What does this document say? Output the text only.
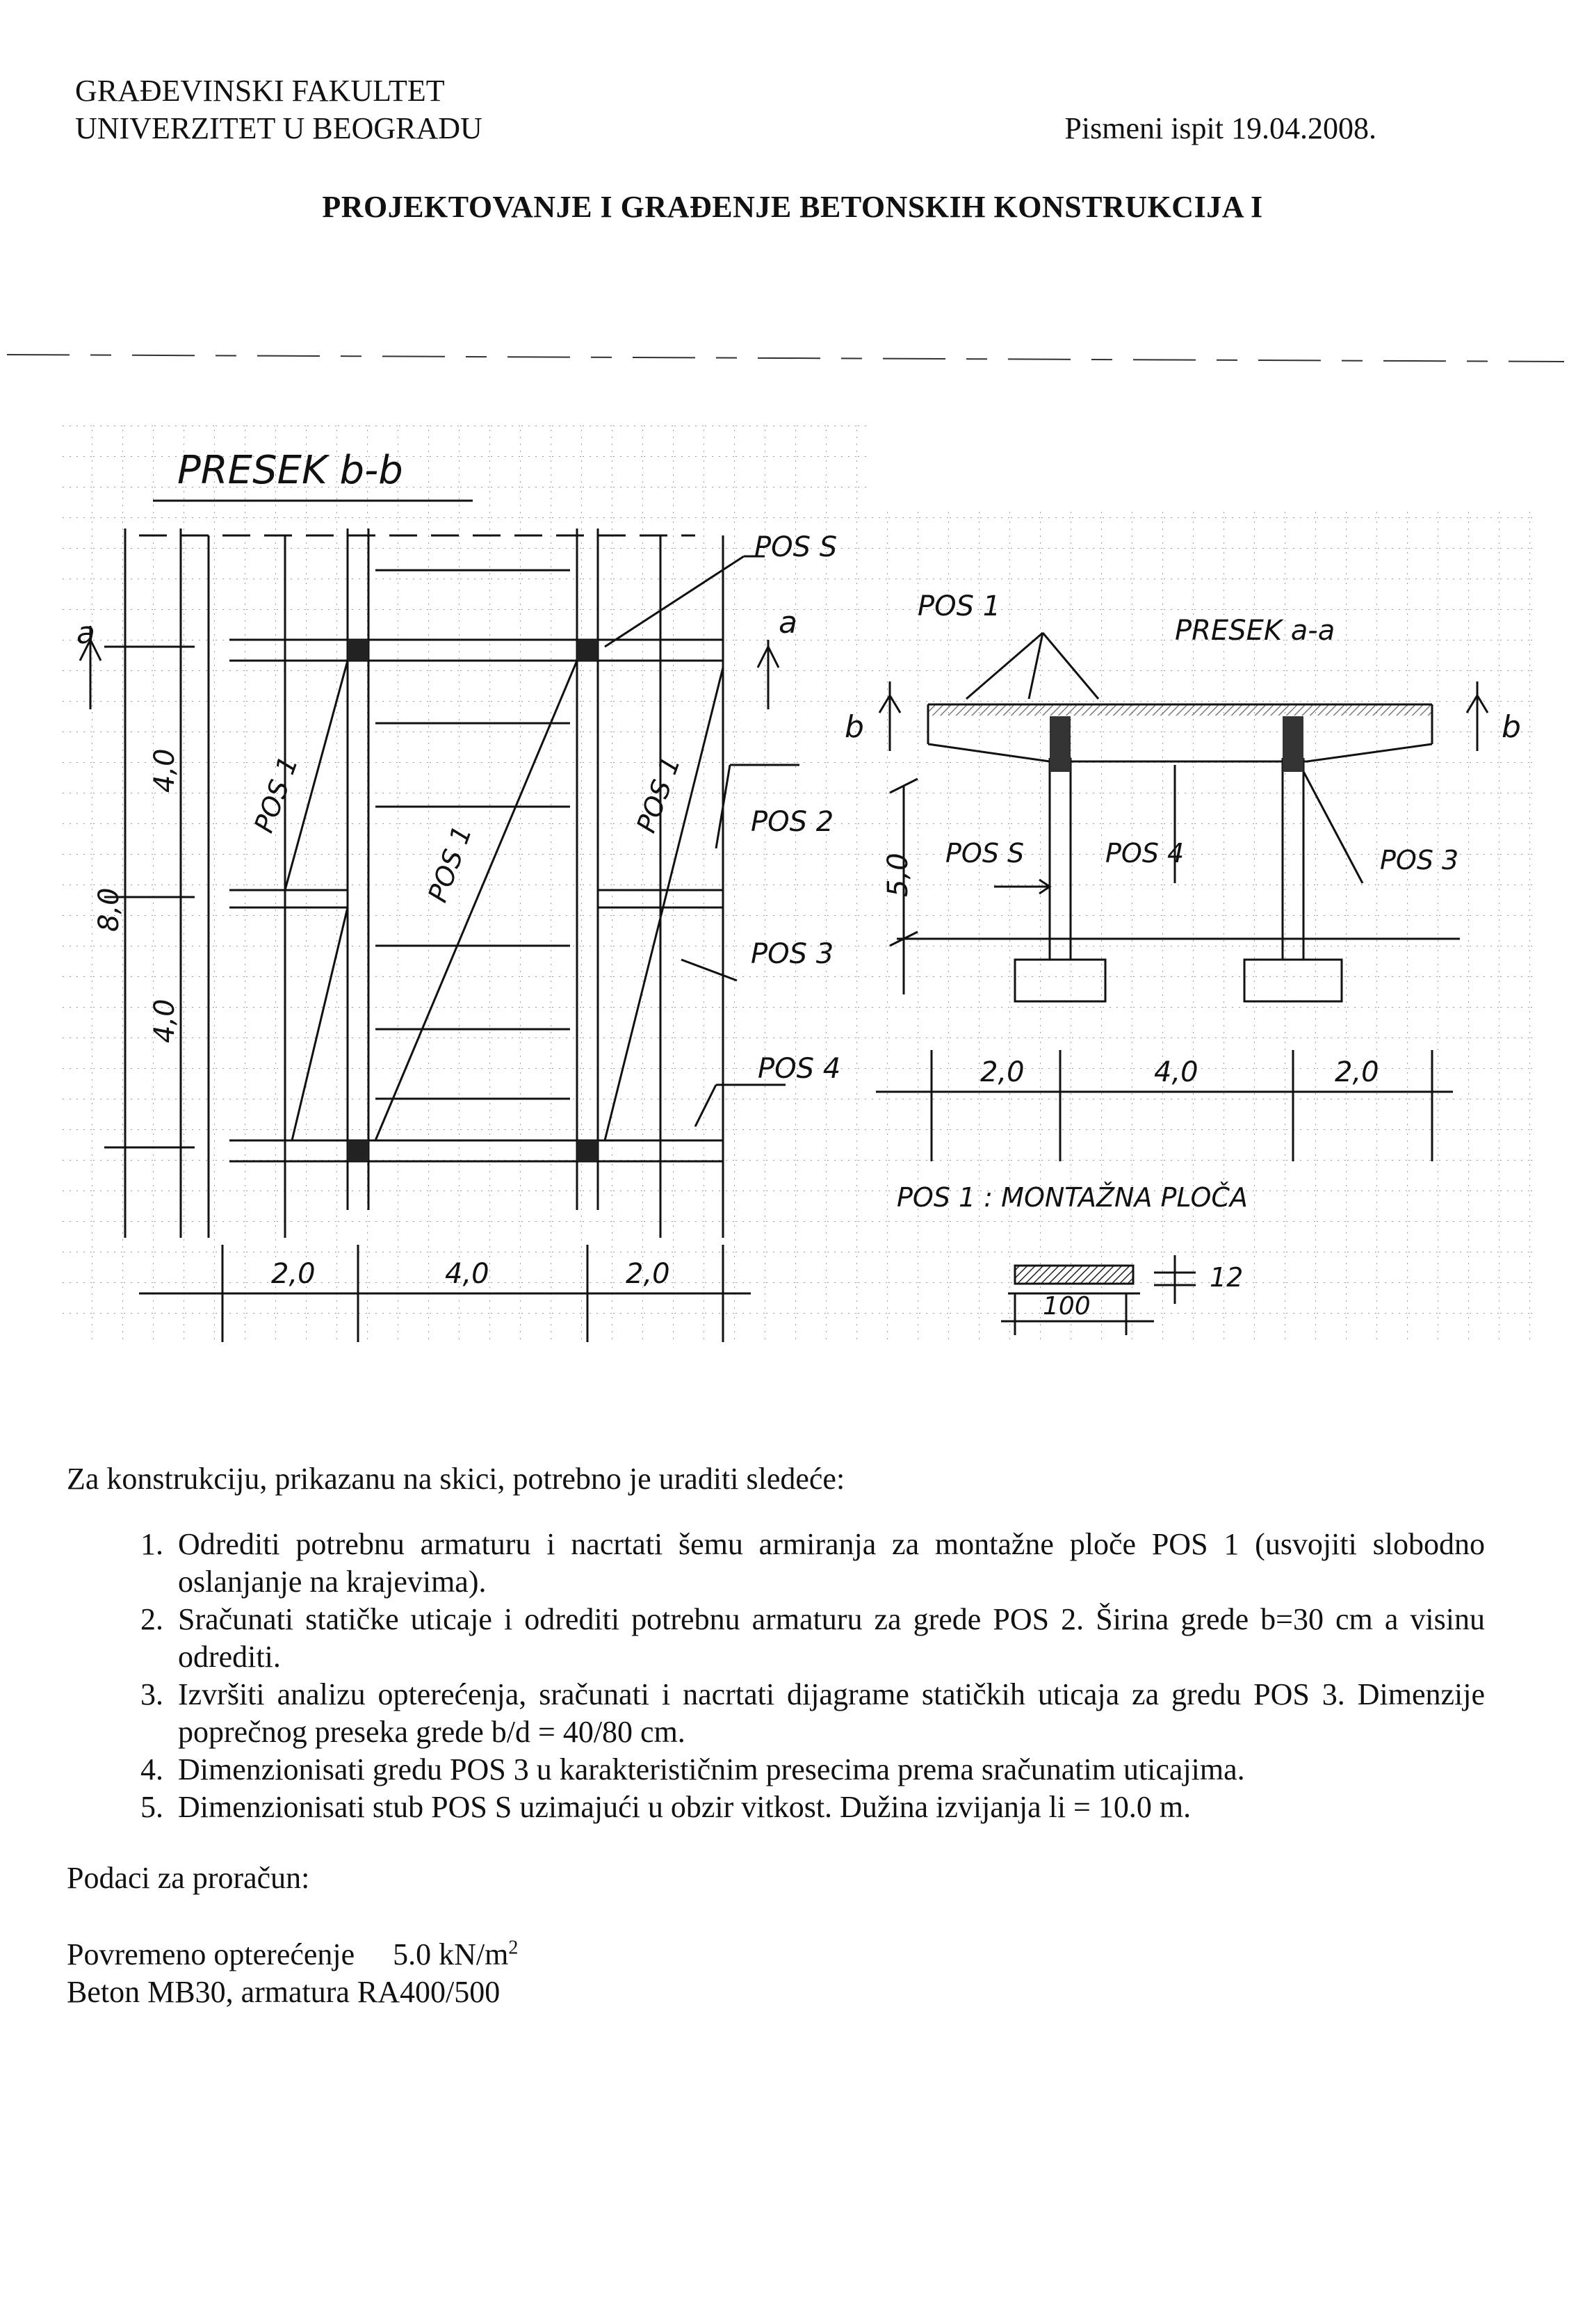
GRAĐEVINSKI FAKULTET
UNIVERZITET U BEOGRADU	Pismeni ispit 19.04.2008.
PROJEKTOVANJE I GRAĐENJE BETONSKIH KONSTRUKCIJA I
PRESEK b-b
PRESEK a-a
POS S
POS 2
POS 3
POS 4
POS 1
POS 1
POS 1
POS 1
POS S	POS 4	POS 3
a	a
b	b
4,0
4,0
8,0
2,0	4,0	2,0
5,0
2,0	4,0	2,0
POS 1 : MONTAŽNA PLOČA
100
12

Za konstrukciju, prikazanu na skici, potrebno je uraditi sledeće:

1. Odrediti potrebnu armaturu i nacrtati šemu armiranja za montažne ploče POS 1 (usvojiti slobodno oslanjanje na krajevima).
2. Sračunati statičke uticaje i odrediti potrebnu armaturu za grede POS 2. Širina grede b=30 cm a visinu odrediti.
3. Izvršiti analizu opterećenja, sračunati i nacrtati dijagrame statičkih uticaja za gredu POS 3. Dimenzije poprečnog preseka grede b/d = 40/80 cm.
4. Dimenzionisati gredu POS 3 u karakterističnim presecima prema sračunatim uticajima.
5. Dimenzionisati stub POS S uzimajući u obzir vitkost. Dužina izvijanja li = 10.0 m.

Podaci za proračun:

Povremeno opterećenje 5.0 $kN/m^2$

Beton MB30, armatura RA400/500
